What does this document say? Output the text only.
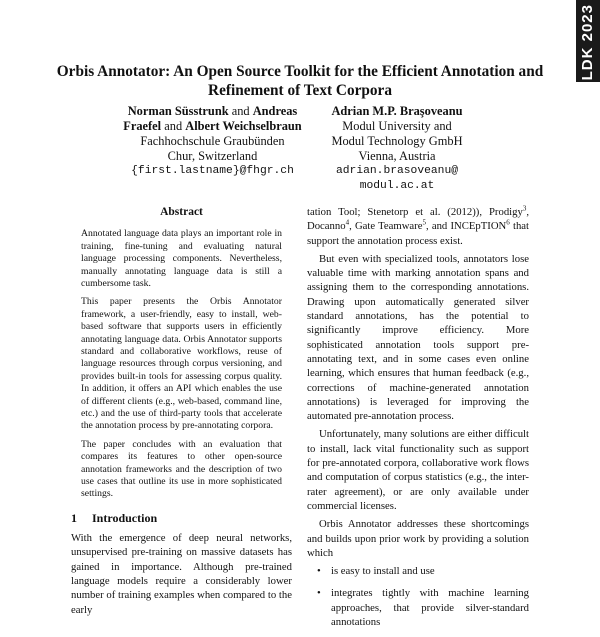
LDK 2023
Orbis Annotator: An Open Source Toolkit for the Efficient Annotation and Refinement of Text Corpora
Norman Süsstrunk and Andreas
Fraefel and Albert Weichselbraun
Fachhochschule Graubünden
Chur, Switzerland
{first.lastname}@fhgr.ch
Adrian M.P. Braşoveanu
Modul University and
Modul Technology GmbH
Vienna, Austria
adrian.brasoveanu@
modul.ac.at
Abstract

Annotated language data plays an important role in training, fine-tuning and evaluating natural language processing components. Nevertheless, manually annotating language data is still a cumbersome task.

This paper presents the Orbis Annotator framework, a user-friendly, easy to install, web-based software that supports users in efficiently annotating language data. Orbis Annotator supports standard and collaborative workflows, reuse of language resources through corpus versioning, and provides built-in tools for assessing corpus quality. In addition, it offers an API which enables the use of different clients (e.g., web-based, command line, etc.) and the use of third-party tools that accelerate the annotation process by pre-annotating corpora.

The paper concludes with an evaluation that compares its features to other open-source annotation frameworks and the description of two use cases that outline its use in more sophisticated settings.

1 Introduction

With the emergence of deep neural networks, unsupervised pre-training on massive datasets has gained in importance. Although pre-trained language models require a considerably lower number of training examples when compared to the early

tation Tool; Stenetorp et al. (2012)), Prodigy$^3$, Docanno$^4$, Gate Teamware$^5$, and INCEpTION$^6$ that support the annotation process exist.

But even with specialized tools, annotators lose valuable time with marking annotation spans and assigning them to the corresponding annotations. Drawing upon automatically generated silver standard annotations, has the potential to significantly improve efficiency. More sophisticated annotation tools support pre-annotating text, and in some cases even online learning, which ensures that human feedback (e.g., corrections of machine-generated annotation annotations) is leveraged for improving the automated pre-annotation process.

Unfortunately, many solutions are either difficult to install, lack vital functionality such as support for pre-annotated corpora, collaborative work flows and computation of corpus statistics (e.g., the inter-rater agreement), or are only available under commercial licenses.

Orbis Annotator addresses these shortcomings and builds upon prior work by providing a solution which

• is easy to install and use
• integrates tightly with machine learning approaches, that provide silver-standard annotations
